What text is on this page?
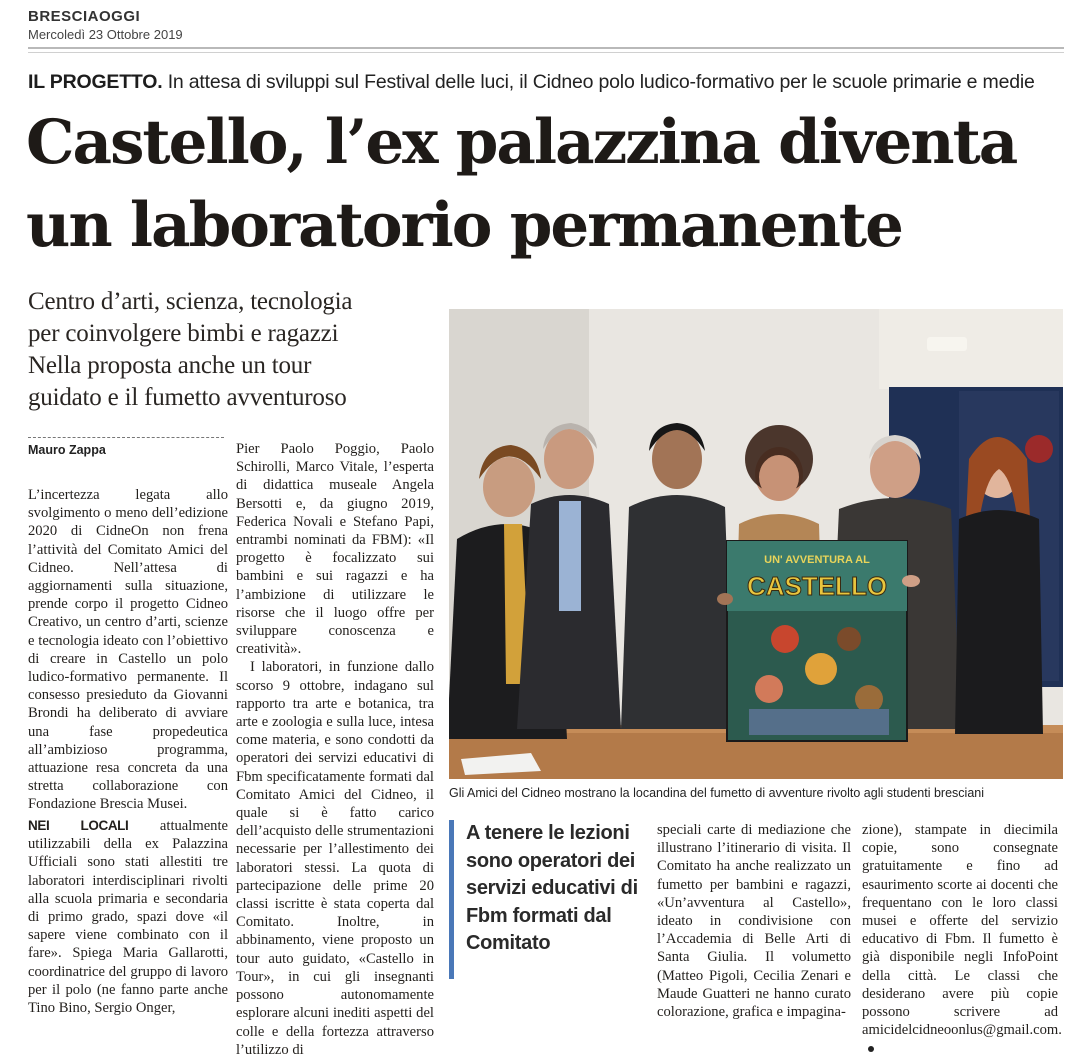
BRESCIAOGGI
Mercoledì 23 Ottobre 2019
IL PROGETTO. In attesa di sviluppi sul Festival delle luci, il Cidneo polo ludico-formativo per le scuole primarie e medie
Castello, l’ex palazzina diventa
un laboratorio permanente
Centro d’arti, scienza, tecnologia
per coinvolgere bimbi e ragazzi
Nella proposta anche un tour
guidato e il fumetto avventuroso
Mauro Zappa

L’incertezza legata allo svolgimento o meno dell’edizione 2020 di CidneOn non frena l’attività del Comitato Amici del Cidneo. Nell’attesa di aggiornamenti sulla situazione, prende corpo il progetto Cidneo Creativo, un centro d’arti, scienze e tecnologia ideato con l’obiettivo di creare in Castello un polo ludico-formativo permanente. Il consesso presieduto da Giovanni Brondi ha deliberato di avviare una fase propedeutica all’ambizioso programma, attuazione resa concreta da una stretta collaborazione con Fondazione Brescia Musei.

NEI LOCALI attualmente utilizzabili della ex Palazzina Ufficiali sono stati allestiti tre laboratori interdisciplinari rivolti alla scuola primaria e secondaria di primo grado, spazi dove «il sapere viene combinato con il fare». Spiega Maria Gallarotti, coordinatrice del gruppo di lavoro per il polo (ne fanno parte anche Tino Bino, Sergio Onger,

Pier Paolo Poggio, Paolo Schirolli, Marco Vitale, l’esperta di didattica museale Angela Bersotti e, da giugno 2019, Federica Novali e Stefano Papi, entrambi nominati da FBM): «Il progetto è focalizzato sui bambini e sui ragazzi e ha l’ambizione di utilizzare le risorse che il luogo offre per sviluppare conoscenza e creatività».

I laboratori, in funzione dallo scorso 9 ottobre, indagano sul rapporto tra arte e botanica, tra arte e zoologia e sulla luce, intesa come materia, e sono condotti da operatori dei servizi educativi di Fbm specificatamente formati dal Comitato Amici del Cidneo, il quale si è fatto carico dell’acquisto delle strumentazioni necessarie per l’allestimento dei laboratori stessi. La quota di partecipazione delle prime 20 classi iscritte è stata coperta dal Comitato. Inoltre, in abbinamento, viene proposto un tour auto guidato, «Castello in Tour», in cui gli insegnanti possono autonomamente esplorare alcuni inediti aspetti del colle e della fortezza attraverso l’utilizzo di

UN' AVVENTURA AL
CASTELLO
Gli Amici del Cidneo mostrano la locandina del fumetto di avventure rivolto agli studenti bresciani
A tenere le lezioni sono operatori dei servizi educativi di Fbm formati dal Comitato

speciali carte di mediazione che illustrano l’itinerario di visita. Il Comitato ha anche realizzato un fumetto per bambini e ragazzi, «Un’avventura al Castello», ideato in condivisione con l’Accademia di Belle Arti di Santa Giulia. Il volumetto (Matteo Pigoli, Cecilia Zenari e Maude Guatteri ne hanno curato colorazione, grafica e impagina-

zione), stampate in diecimila copie, sono consegnate gratuitamente e fino ad esaurimento scorte ai docenti che frequentano con le loro classi musei e offerte del servizio educativo di Fbm. Il fumetto è già disponibile negli InfoPoint della città. Le classi che desiderano avere più copie possono scrivere ad amicidelcidneoonlus@gmail.com.
